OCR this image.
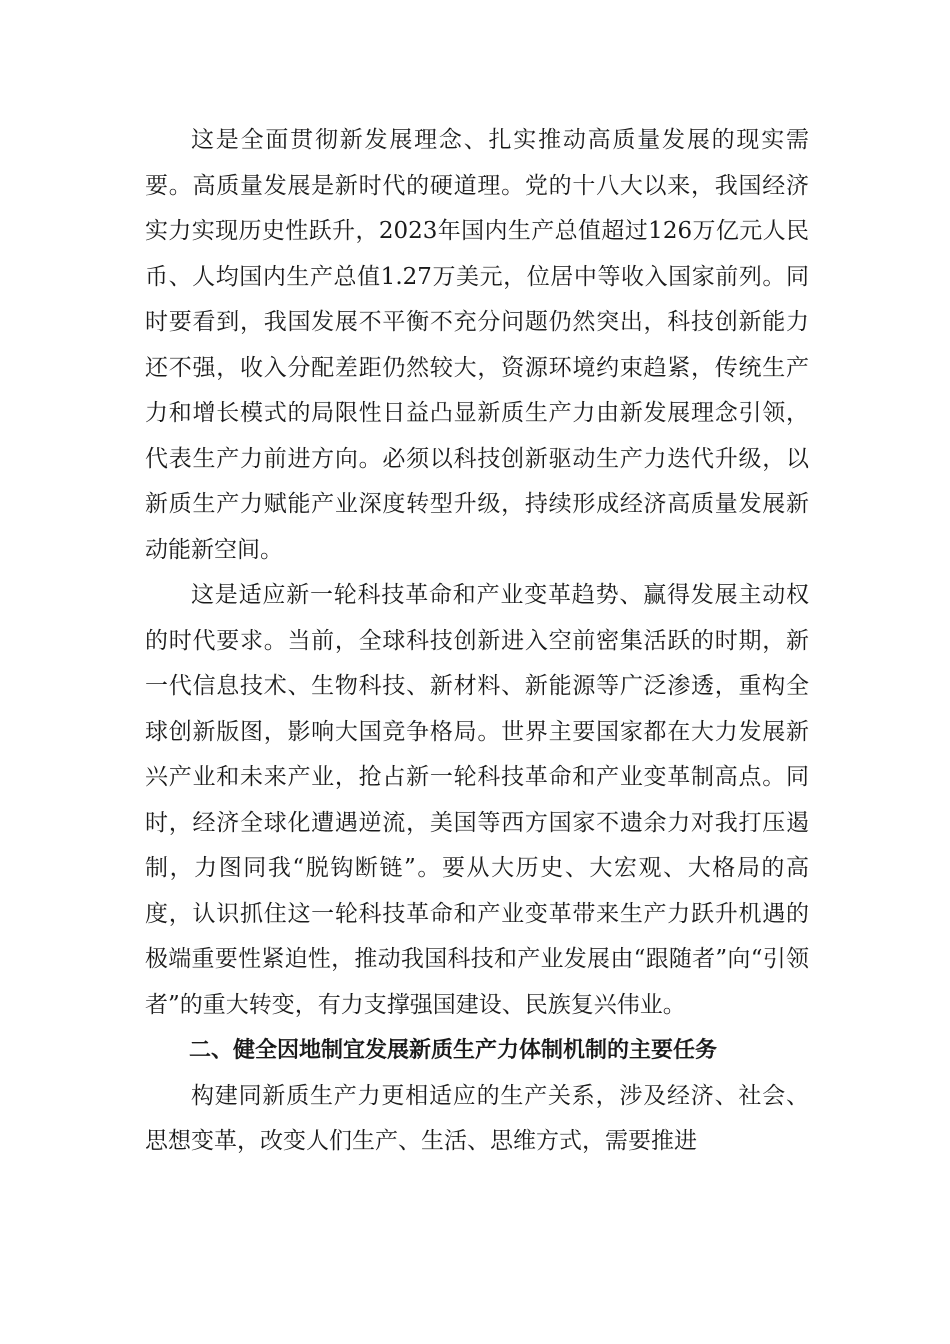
这是全面贯彻新发展理念、扎实推动高质量发展的现实需要。高质量发展是新时代的硬道理。党的十八大以来，我国经济实力实现历史性跃升，2023年国内生产总值超过126万亿元人民币、人均国内生产总值1.27万美元，位居中等收入国家前列。同时要看到，我国发展不平衡不充分问题仍然突出，科技创新能力还不强，收入分配差距仍然较大，资源环境约束趋紧，传统生产力和增长模式的局限性日益凸显新质生产力由新发展理念引领，代表生产力前进方向。必须以科技创新驱动生产力迭代升级，以新质生产力赋能产业深度转型升级，持续形成经济高质量发展新动能新空间。

这是适应新一轮科技革命和产业变革趋势、赢得发展主动权的时代要求。当前，全球科技创新进入空前密集活跃的时期，新一代信息技术、生物科技、新材料、新能源等广泛渗透，重构全球创新版图，影响大国竞争格局。世界主要国家都在大力发展新兴产业和未来产业，抢占新一轮科技革命和产业变革制高点。同时，经济全球化遭遇逆流，美国等西方国家不遗余力对我打压遏制，力图同我“脱钩断链”。要从大历史、大宏观、大格局的高度，认识抓住这一轮科技革命和产业变革带来生产力跃升机遇的极端重要性紧迫性，推动我国科技和产业发展由“跟随者”向“引领者”的重大转变，有力支撑强国建设、民族复兴伟业。

二、健全因地制宜发展新质生产力体制机制的主要任务

构建同新质生产力更相适应的生产关系，涉及经济、社会、思想变革，改变人们生产、生活、思维方式，需要推进
